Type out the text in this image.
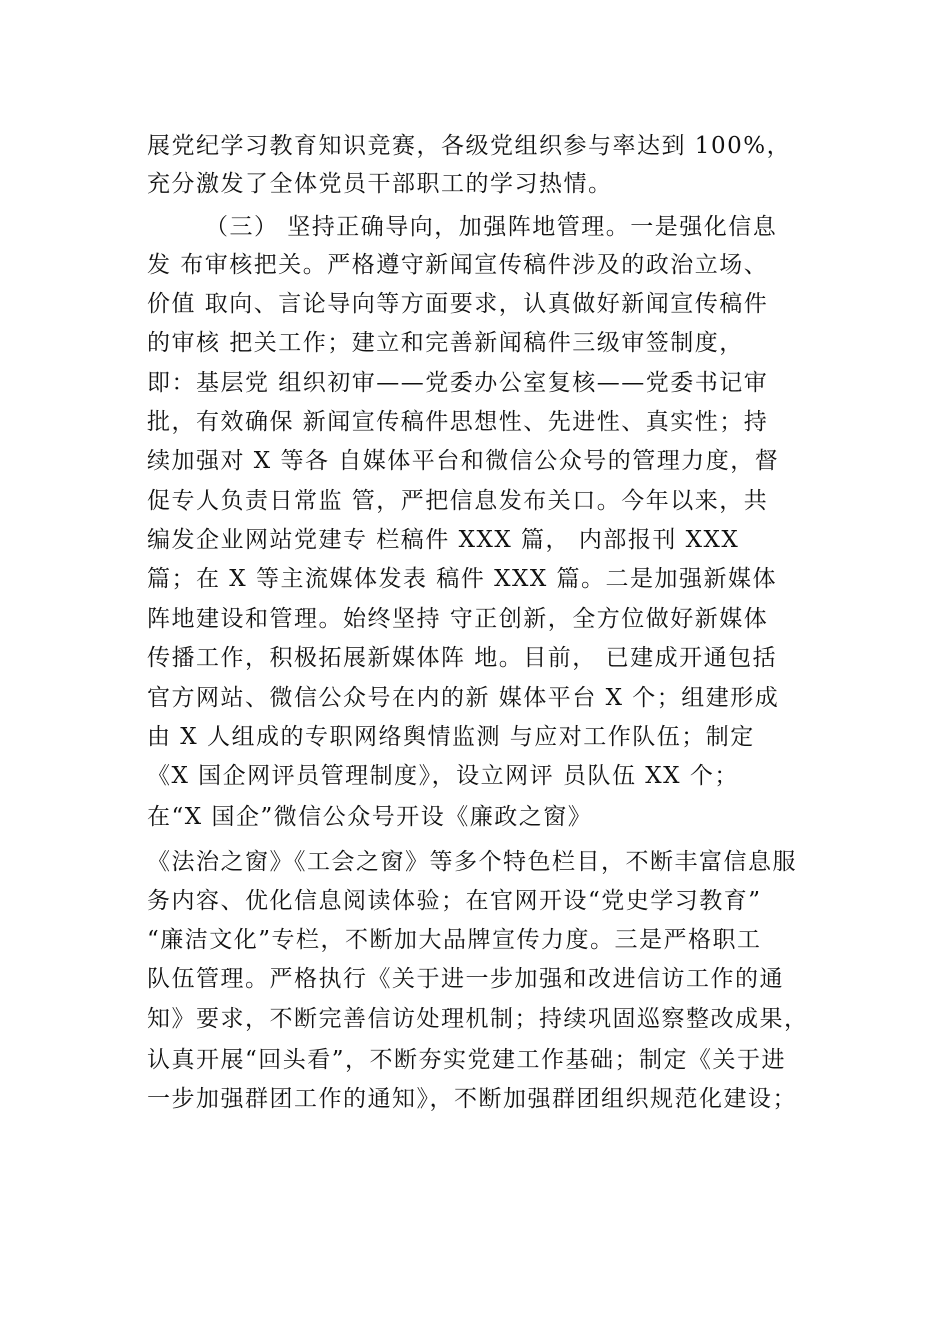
展党纪学习教育知识竞赛，各级党组织参与率达到 100%，
充分激发了全体党员干部职工的学习热情。
（三） 坚持正确导向，加强阵地管理。一是强化信息
发 布审核把关。严格遵守新闻宣传稿件涉及的政治立场、
价值 取向、言论导向等方面要求，认真做好新闻宣传稿件
的审核 把关工作；建立和完善新闻稿件三级审签制度，
即：基层党 组织初审——党委办公室复核——党委书记审
批，有效确保 新闻宣传稿件思想性、先进性、真实性；持
续加强对 X 等各 自媒体平台和微信公众号的管理力度，督
促专人负责日常监 管，严把信息发布关口。今年以来，共
编发企业网站党建专 栏稿件 XXX 篇， 内部报刊 XXX
篇；在 X 等主流媒体发表 稿件 XXX 篇。二是加强新媒体
阵地建设和管理。始终坚持 守正创新，全方位做好新媒体
传播工作，积极拓展新媒体阵 地。目前， 已建成开通包括
官方网站、微信公众号在内的新 媒体平台 X 个；组建形成
由 X 人组成的专职网络舆情监测 与应对工作队伍；制定
《X 国企网评员管理制度》，设立网评 员队伍 XX 个；
在“X 国企”微信公众号开设《廉政之窗》
《法治之窗》《工会之窗》等多个特色栏目，不断丰富信息服
务内容、优化信息阅读体验；在官网开设“党史学习教育”
“廉洁文化”专栏，不断加大品牌宣传力度。三是严格职工
队伍管理。严格执行《关于进一步加强和改进信访工作的通
知》要求，不断完善信访处理机制；持续巩固巡察整改成果，
认真开展“回头看”，不断夯实党建工作基础；制定《关于进
一步加强群团工作的通知》，不断加强群团组织规范化建设；
